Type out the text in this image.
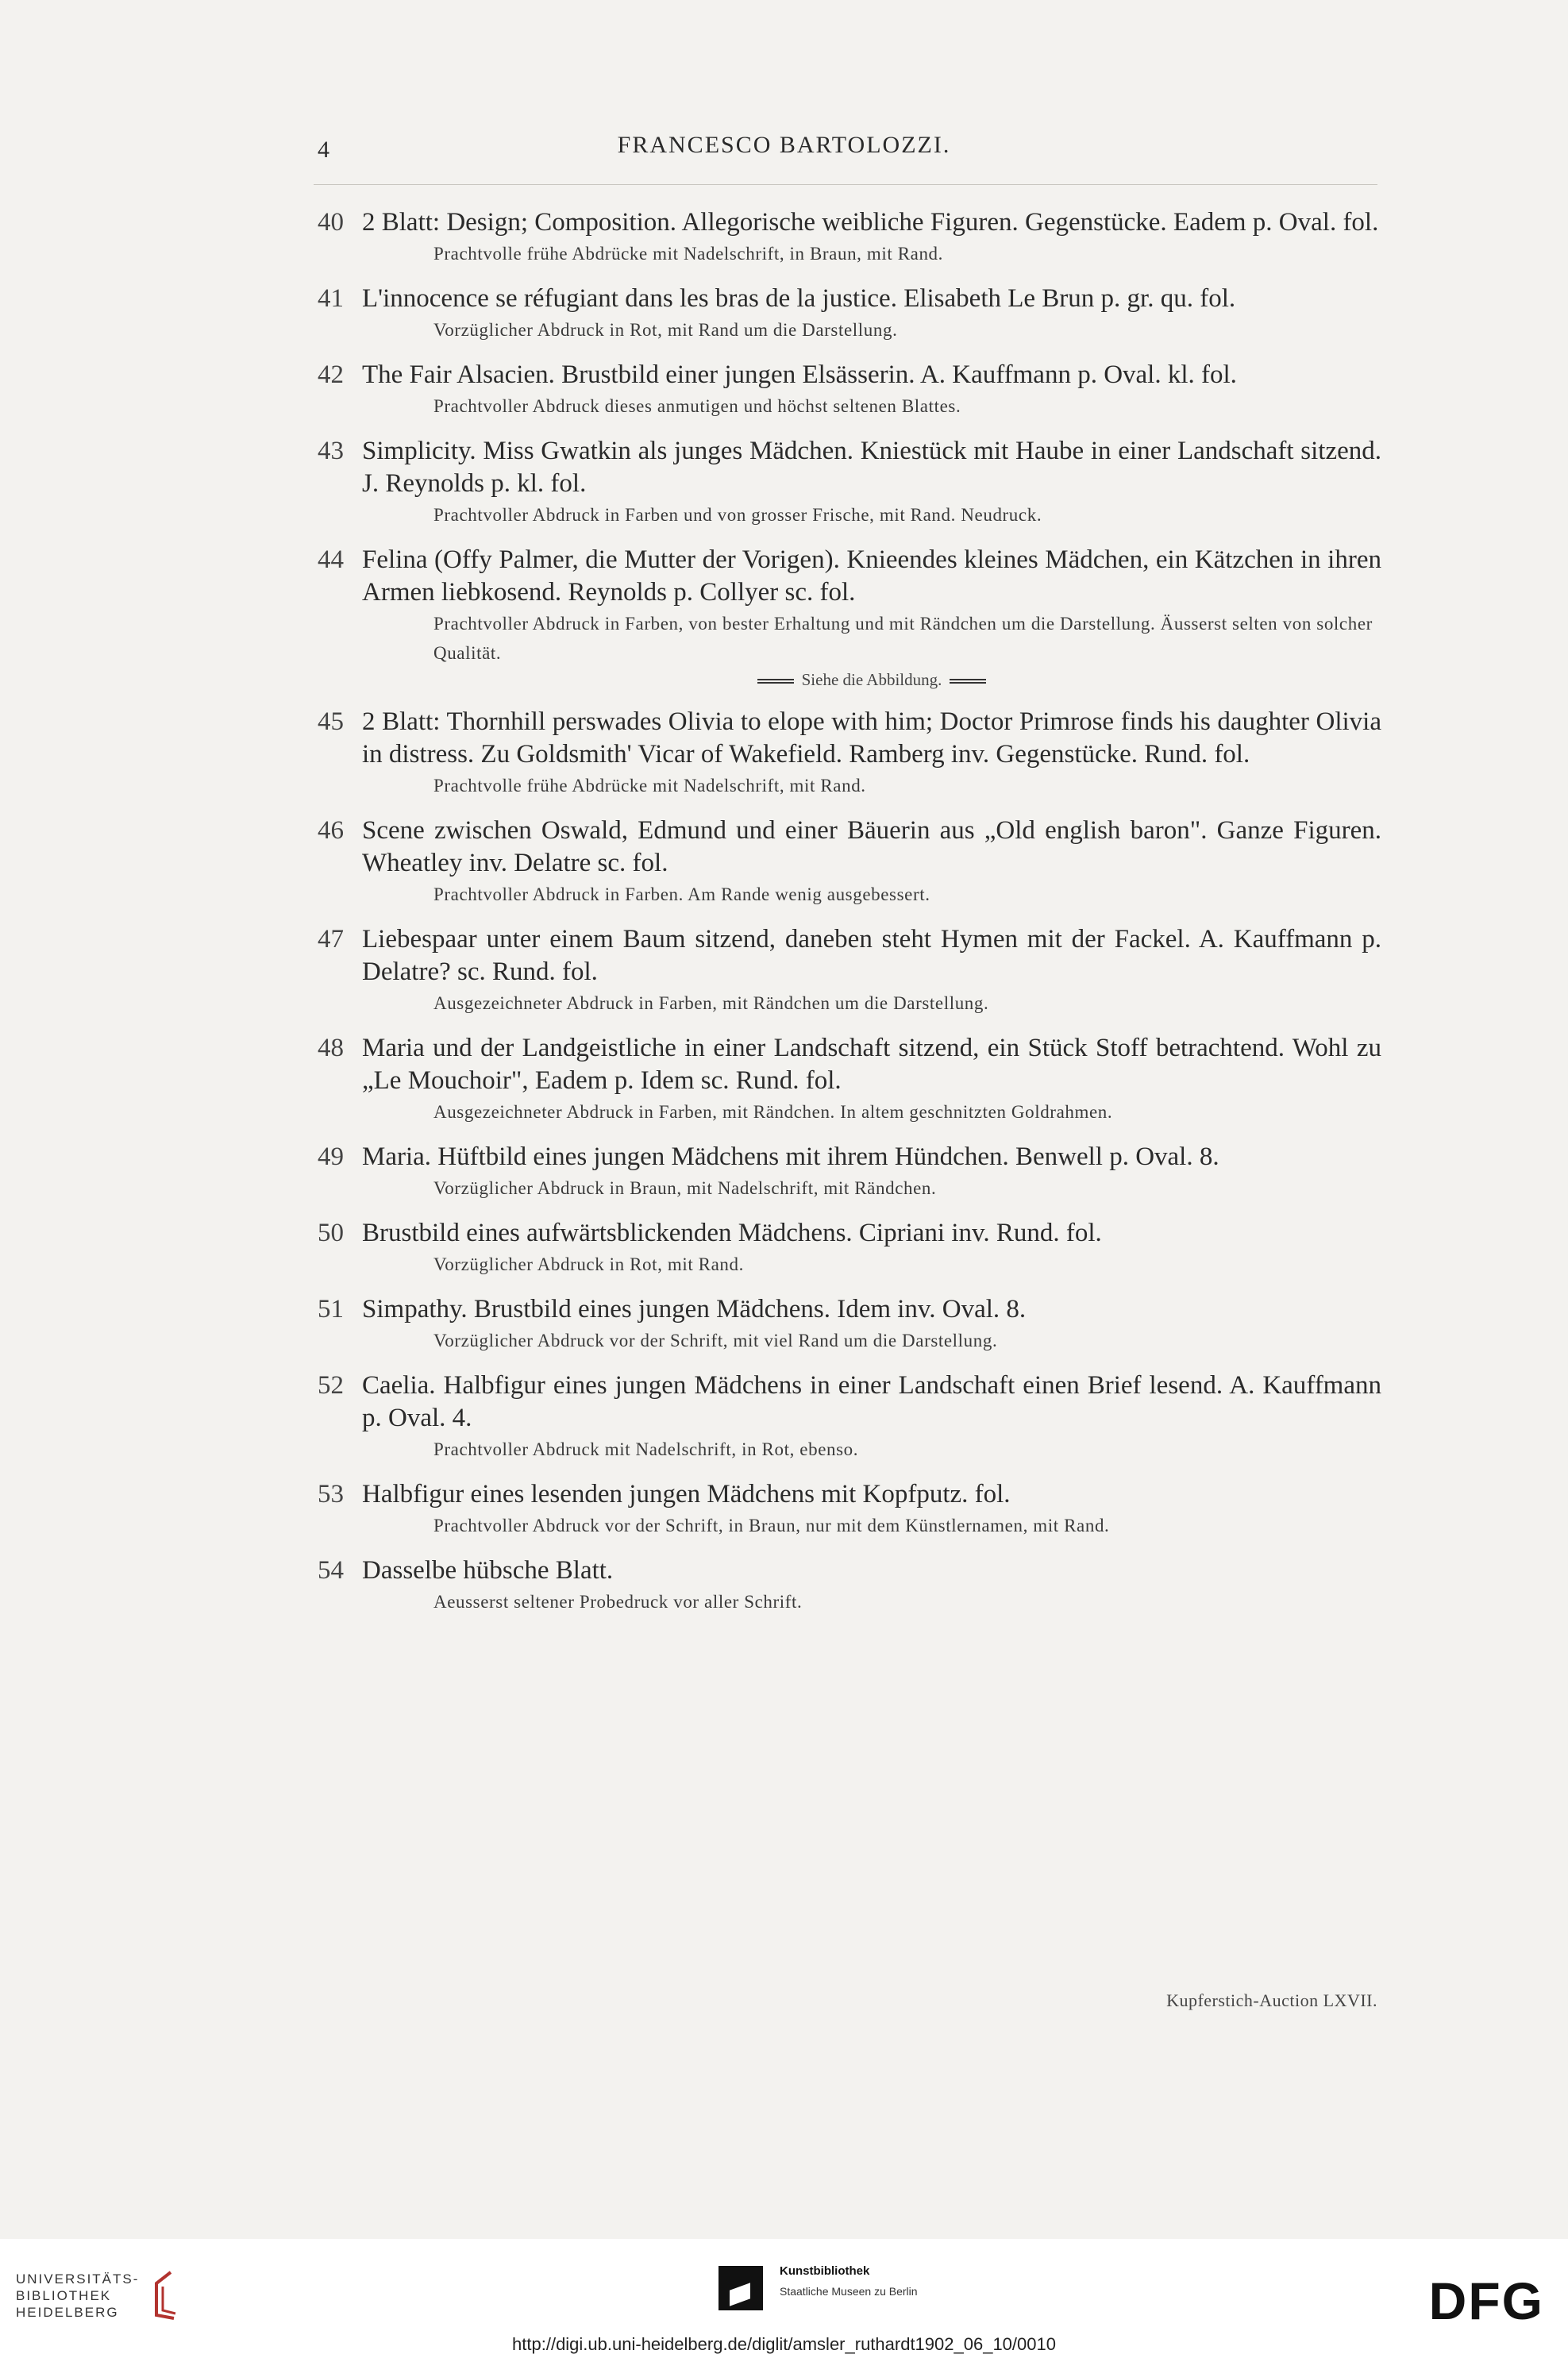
4	FRANCESCO BARTOLOZZI.
40 2 Blatt: Design; Composition. Allegorische weibliche Figuren. Gegenstücke. Eadem p. Oval. fol.
Prachtvolle frühe Abdrücke mit Nadelschrift, in Braun, mit Rand.
41 L'innocence se réfugiant dans les bras de la justice. Elisabeth Le Brun p. gr. qu. fol.
Vorzüglicher Abdruck in Rot, mit Rand um die Darstellung.
42 The Fair Alsacien. Brustbild einer jungen Elsässerin. A. Kauffmann p. Oval. kl. fol.
Prachtvoller Abdruck dieses anmutigen und höchst seltenen Blattes.
43 Simplicity. Miss Gwatkin als junges Mädchen. Kniestück mit Haube in einer Landschaft sitzend. J. Reynolds p. kl. fol.
Prachtvoller Abdruck in Farben und von grosser Frische, mit Rand. Neudruck.
44 Felina (Offy Palmer, die Mutter der Vorigen). Knieendes kleines Mädchen, ein Kätzchen in ihren Armen liebkosend. Reynolds p. Collyer sc. fol.
Prachtvoller Abdruck in Farben, von bester Erhaltung und mit Rändchen um die Darstellung. Äusserst selten von solcher Qualität.
Siehe die Abbildung.
45 2 Blatt: Thornhill perswades Olivia to elope with him; Doctor Primrose finds his daughter Olivia in distress. Zu Goldsmith' Vicar of Wakefield. Ramberg inv. Gegenstücke. Rund. fol.
Prachtvolle frühe Abdrücke mit Nadelschrift, mit Rand.
46 Scene zwischen Oswald, Edmund und einer Bäuerin aus „Old english baron". Ganze Figuren. Wheatley inv. Delatre sc. fol.
Prachtvoller Abdruck in Farben. Am Rande wenig ausgebessert.
47 Liebespaar unter einem Baum sitzend, daneben steht Hymen mit der Fackel. A. Kauffmann p. Delatre? sc. Rund. fol.
Ausgezeichneter Abdruck in Farben, mit Rändchen um die Darstellung.
48 Maria und der Landgeistliche in einer Landschaft sitzend, ein Stück Stoff betrachtend. Wohl zu „Le Mouchoir", Eadem p. Idem sc. Rund. fol.
Ausgezeichneter Abdruck in Farben, mit Rändchen. In altem geschnitzten Goldrahmen.
49 Maria. Hüftbild eines jungen Mädchens mit ihrem Hündchen. Benwell p. Oval. 8.
Vorzüglicher Abdruck in Braun, mit Nadelschrift, mit Rändchen.
50 Brustbild eines aufwärtsblickenden Mädchens. Cipriani inv. Rund. fol.
Vorzüglicher Abdruck in Rot, mit Rand.
51 Simpathy. Brustbild eines jungen Mädchens. Idem inv. Oval. 8.
Vorzüglicher Abdruck vor der Schrift, mit viel Rand um die Darstellung.
52 Caelia. Halbfigur eines jungen Mädchens in einer Landschaft einen Brief lesend. A. Kauffmann p. Oval. 4.
Prachtvoller Abdruck mit Nadelschrift, in Rot, ebenso.
53 Halbfigur eines lesenden jungen Mädchens mit Kopfputz. fol.
Prachtvoller Abdruck vor der Schrift, in Braun, nur mit dem Künstlernamen, mit Rand.
54 Dasselbe hübsche Blatt.
Aeusserst seltener Probedruck vor aller Schrift.
Kupferstich-Auction LXVII.
UNIVERSITÄTS-
BIBLIOTHEK
HEIDELBERG
Kunstbibliothek
Staatliche Museen zu Berlin	DFG
http://digi.ub.uni-heidelberg.de/diglit/amsler_ruthardt1902_06_10/0010
